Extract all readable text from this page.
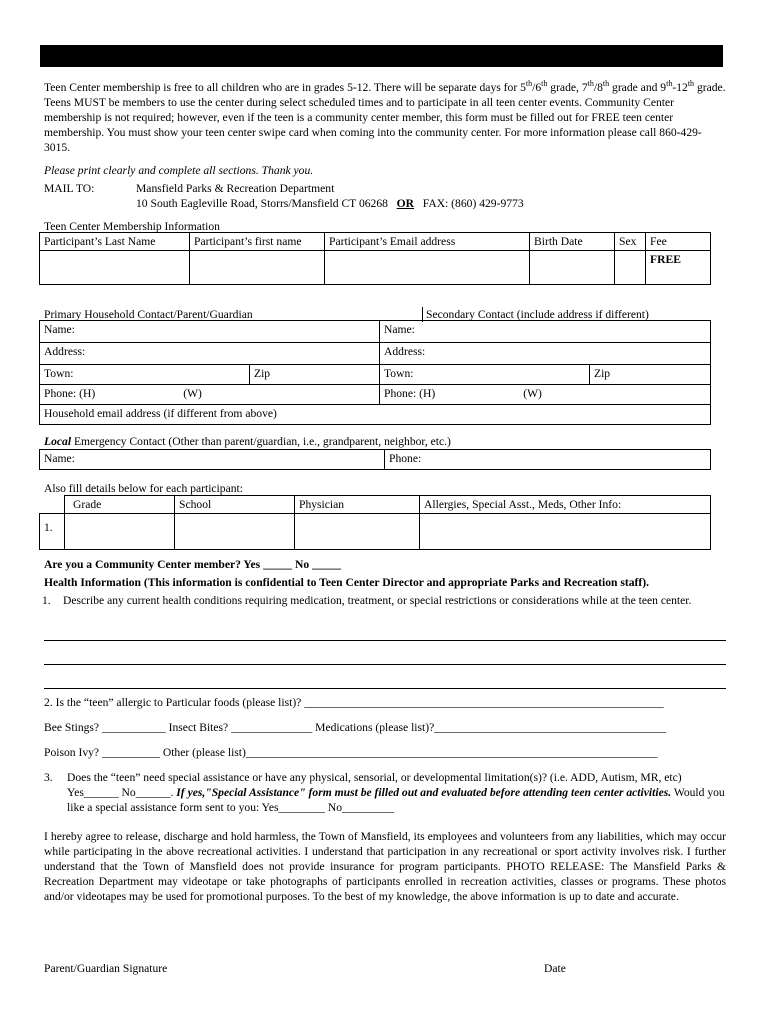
Teen Center membership is free to all children who are in grades 5-12. There will be separate days for 5th/6th grade, 7th/8th grade and 9th-12th grade. Teens MUST be members to use the center during select scheduled times and to participate in all teen center events. Community Center membership is not required; however, even if the teen is a community center member, this form must be filled out for FREE teen center membership. You must show your teen center swipe card when coming into the community center. For more information please call 860-429-3015.
Please print clearly and complete all sections. Thank you.
MAIL TO:	Mansfield Parks & Recreation Department
10 South Eagleville Road, Storrs/Mansfield CT 06268 OR FAX: (860) 429-9773
Teen Center Membership Information
Participant’s Last Name	Participant’s first name	Participant’s Email address	Birth Date	Sex	Fee
					FREE
Primary Household Contact/Parent/Guardian	Secondary Contact (include address if different)
Name:		Name:	
Address:		Address:	
Town:	Zip	Town:	Zip
Phone: (H) (W)		Phone: (H) (W)	
Household email address (if different from above)			
Local Emergency Contact (Other than parent/guardian, i.e., grandparent, neighbor, etc.)
Name:	Phone:
Also fill details below for each participant:
	Grade	School	Physician	Allergies, Special Asst., Meds, Other Info:
1.				
Are you a Community Center member? Yes _____ No _____
Health Information (This information is confidential to Teen Center Director and appropriate Parks and Recreation staff).
1. Describe any current health conditions requiring medication, treatment, or special restrictions or considerations while at the teen center.
2. Is the “teen” allergic to Particular foods (please list)? ______________________________________________________________
Bee Stings? ___________ Insect Bites? ______________ Medications (please list)?________________________________________
Poison Ivy? __________ Other (please list)_______________________________________________________________________
3. Does the “teen” need special assistance or have any physical, sensorial, or developmental limitation(s)? (i.e. ADD, Autism, MR, etc) Yes______ No______. If yes,"Special Assistance" form must be filled out and evaluated before attending teen center activities. Would you like a special assistance form sent to you: Yes________ No_________
I hereby agree to release, discharge and hold harmless, the Town of Mansfield, its employees and volunteers from any liabilities, which may occur while participating in the above recreational activities. I understand that participation in any recreational or sport activity involves risk. I further understand that the Town of Mansfield does not provide insurance for program participants. PHOTO RELEASE: The Mansfield Parks & Recreation Department may videotape or take photographs of participants enrolled in recreation activities, classes or programs. These photos and/or videotapes may be used for promotional purposes. To the best of my knowledge, the above information is up to date and accurate.
Parent/Guardian Signature	Date
